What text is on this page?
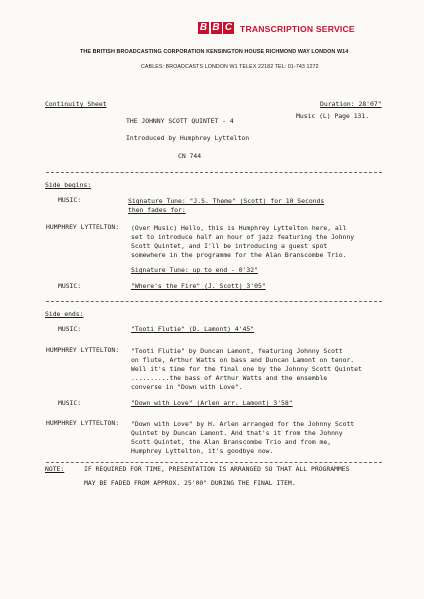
B B C TRANSCRIPTION SERVICE
THE BRITISH BROADCASTING CORPORATION KENSINGTON HOUSE RICHMOND WAY LONDON W14
CABLES: BROADCASTS LONDON W1 TELEX 22182 TEL: 01-743 1272
Continuity Sheet	Duration: 28'07"
Music (L) Page 131.
THE JOHNNY SCOTT QUINTET - 4
Introduced by Humphrey Lyttelton
CN 744
Side begins:
MUSIC:	Signature Tune: "J.S. Theme" (Scott) for 10 Seconds
then fades for:
HUMPHREY LYTTELTON: (Over Music) Hello, this is Humphrey Lyttelton here, all
set to introduce half an hour of jazz featuring the Johnny
Scott Quintet, and I'll be introducing a guest spot
somewhere in the programme for the Alan Branscombe Trio.
Signature Tune: up to end - 0'32"
MUSIC:	"Where's the Fire" (J. Scott) 3'05"
Side ends:
MUSIC:	"Tooti Flutie" (D. Lamont) 4'45"
HUMPHREY LYTTELTON: "Tooti Flutie" by Duncan Lamont, featuring Johnny Scott
on flute, Arthur Watts on bass and Duncan Lamont on tenor.
Well it's time for the final one by the Johnny Scott Quintet
..........the bass of Arthur Watts and the ensemble
converse in "Down with Love".
MUSIC:	"Down with Love" (Arlen arr. Lamont) 3'58"
HUMPHREY LYTTELTON: "Down with Love" by H. Arlen arranged for the Johnny Scott
Quintet by Duncan Lamont. And that's it from the Johnny
Scott Quintet, the Alan Branscombe Trio and from me,
Humphrey Lyttelton, it's goodbye now.
NOTE:	IF REQUIRED FOR TIME, PRESENTATION IS ARRANGED SO THAT ALL PROGRAMMES
MAY BE FADED FROM APPROX. 25'00" DURING THE FINAL ITEM.
